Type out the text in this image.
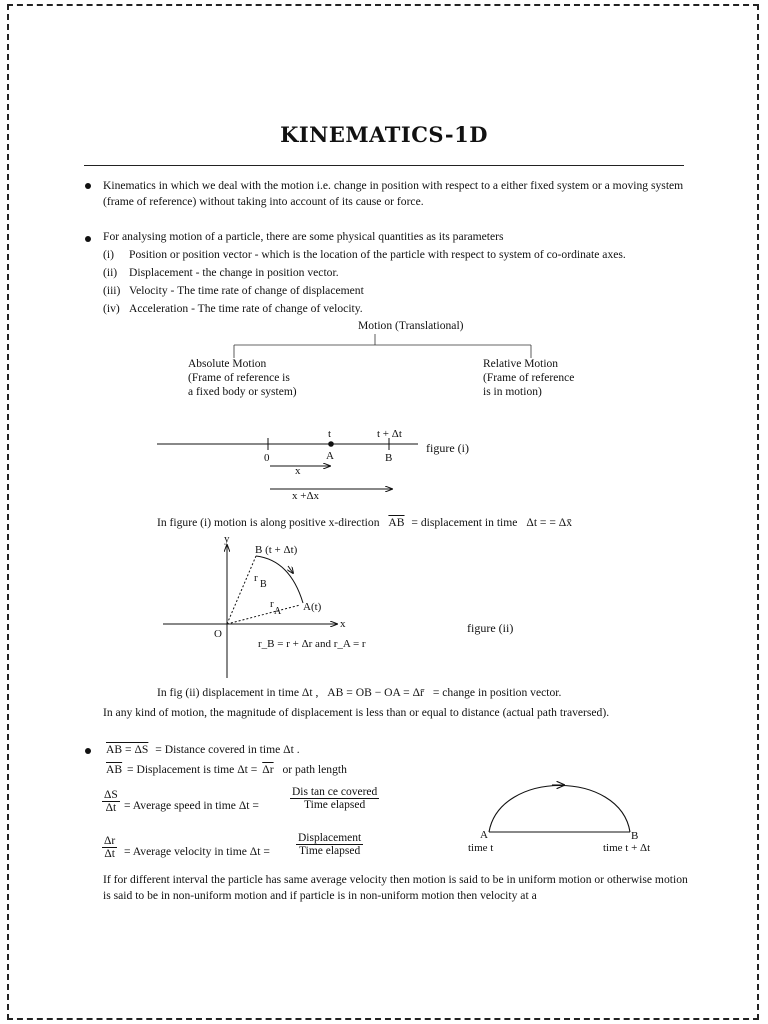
KINEMATICS-1D
Kinematics in which we deal with the motion i.e. change in position with respect to a either fixed system or a moving system (frame of reference) without taking into account of its cause or force.
For analysing motion of a particle, there are some physical quantities as its parameters
(i) Position or position vector - which is the location of the particle with respect to system of co-ordinate axes.
(ii) Displacement - the change in position vector.
(iii) Velocity - The time rate of change of displacement
(iv) Acceleration - The time rate of change of velocity.
Motion (Translational)
Absolute Motion
(Frame of reference is
a fixed body or system)
Relative Motion
(Frame of reference
is in motion)
0	A	B
t	t + Δt
x
x +Δx
figure (i)
In figure (i) motion is along positive x-direction $\overline{AB}$ = displacement in time Δt = = Δx̄
y
x
O
B (t + Δt)
A(t)
r
B
r
A
r_B = r + Δr and r_A = r
figure (ii)
In fig (ii) displacement in time Δt , AB = OB − OA = Δr̄ = change in position vector.
In any kind of motion, the magnitude of displacement is less than or equal to distance (actual path traversed).
AB = ΔS = Distance covered in time Δt .
$\overline{AB}$ = Displacement is time $\Delta t = \overline{\Delta r}$ or path length
$\frac{\Delta S}{\Delta t}$ = Average speed in time Δt =
Dis tan ce covered
Time elapsed
$\frac{\Delta r}{\Delta t}$ = Average velocity in time Δt =
Displacement
Time elapsed
A	B
time t	time t + Δt
If for different interval the particle has same average velocity then motion is said to be in uniform motion or otherwise motion is said to be in non-uniform motion and if particle is in non-uniform motion then velocity at a
